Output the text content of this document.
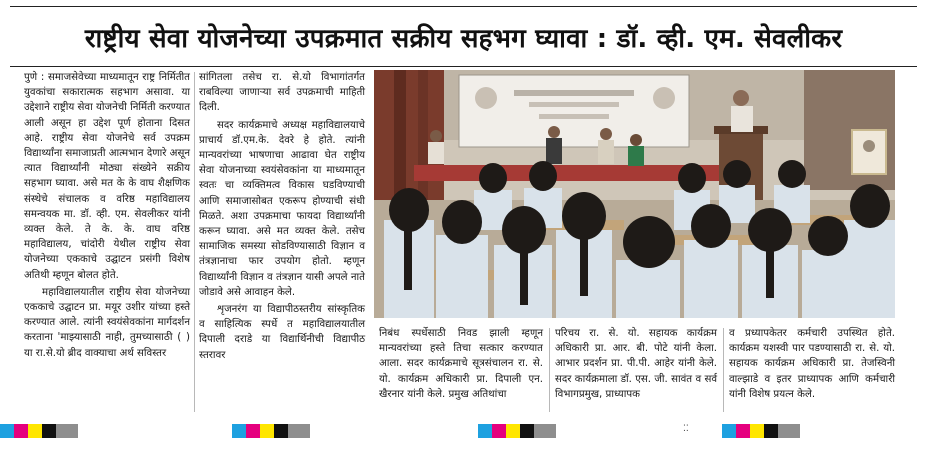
राष्ट्रीय सेवा योजनेच्या उपक्रमात सक्रीय सहभग घ्यावा : डॉ. व्ही. एम. सेवलीकर

पुणे : समाजसेवेच्या माध्यमातून राष्ट्र निर्मितीत युवकांचा सकारात्मक सहभाग असावा. या उद्देशाने राष्ट्रीय सेवा योजनेची निर्मिती करण्यात आली असून हा उद्देश पूर्ण होताना दिसत आहे. राष्ट्रीय सेवा योजनेचे सर्व उपक्रम विद्यार्थ्यांना समाजाप्रती आत्मभान देणारे असून त्यात विद्यार्थ्यांनी मोठ्या संख्येने सक्रीय सहभाग घ्यावा. असे मत के के वाघ शैक्षणिक संस्थेचे संचालक व वरिष्ठ महाविद्यालय समन्वयक मा. डॉ. व्ही. एम. सेवलीकर यांनी व्यक्त केले. ते के. के. वाघ वरिष्ठ महाविद्यालय, चांदोरी येथील राष्ट्रीय सेवा योजनेच्या एककाचे उद्घाटन प्रसंगी विशेष अतिथी म्हणून बोलत होते.

महाविद्यालयातील राष्ट्रीय सेवा योजनेच्या एककाचे उद्घाटन प्रा. मयूर उशीर यांच्या हस्ते करण्यात आले. त्यांनी स्वयंसेवकांना मार्गदर्शन करताना 'माझ्यासाठी नाही, तुमच्यासाठी ( ) या रा.से.यो ब्रीद वाक्याचा अर्थ सविस्तर

सांगितला तसेच रा. से.यो विभागांतर्गत राबविल्या जाणाऱ्या सर्व उपक्रमाची माहिती दिली.

सदर कार्यक्रमाचे अध्यक्ष महाविद्यालयाचे प्राचार्य डॉ.एम.के. देवरे हे होते. त्यांनी मान्यवरांच्या भाषणाचा आढावा घेत राष्ट्रीय सेवा योजनाच्या स्वयंसेवकांना या माध्यमातून स्वतः चा व्यक्तिमत्व विकास घडविण्याची आणि समाजासोबत एकरूप होण्याची संधी मिळते. अशा उपक्रमाचा फायदा विद्यार्थ्यांनी करून घ्यावा. असे मत व्यक्त केले. तसेच सामाजिक समस्या सोडविण्यासाठी विज्ञान व तंत्रज्ञानाचा फार उपयोग होतो. म्हणून विद्यार्थ्यांनी विज्ञान व तंत्रज्ञान यासी अपले नाते जोडावे असे आवाहन केले.

शृजनरंग या विद्यापीठस्तरीय सांस्कृतिक व साहित्यिक स्पर्धे त महाविद्यालयातील दिपाली दराडे या विद्यार्थिनीची विद्यापीठ स्तरावर

निबंध स्पर्धेसाठी निवड झाली म्हणून मान्यवरांच्या हस्ते तिचा सत्कार करण्यात आला. सदर कार्यक्रमाचे सूत्रसंचालन रा. से. यो. कार्यक्रम अधिकारी प्रा. दिपाली एन. खैरनार यांनी केले. प्रमुख अतिथांचा

परिचय रा. से. यो. सहायक कार्यक्रम अधिकारी प्रा. आर. बी. पोटे यांनी केला. आभार प्रदर्शन प्रा. पी.पी. आहेर यांनी केले. सदर कार्यक्रमाला डॉ. एस. जी. सावंत व सर्व विभागप्रमुख, प्राध्यापक

व प्रध्यापकेतर कर्मचारी उपस्थित होते. कार्यक्रम यशस्वी पार पडण्यासाठी रा. से. यो. सहायक कार्यक्रम अधिकारी प्रा. तेजस्विनी वाल्झाडे व इतर प्राध्यापक आणि कर्मचारी यांनी विशेष प्रयत्न केले.

⁚⁚
